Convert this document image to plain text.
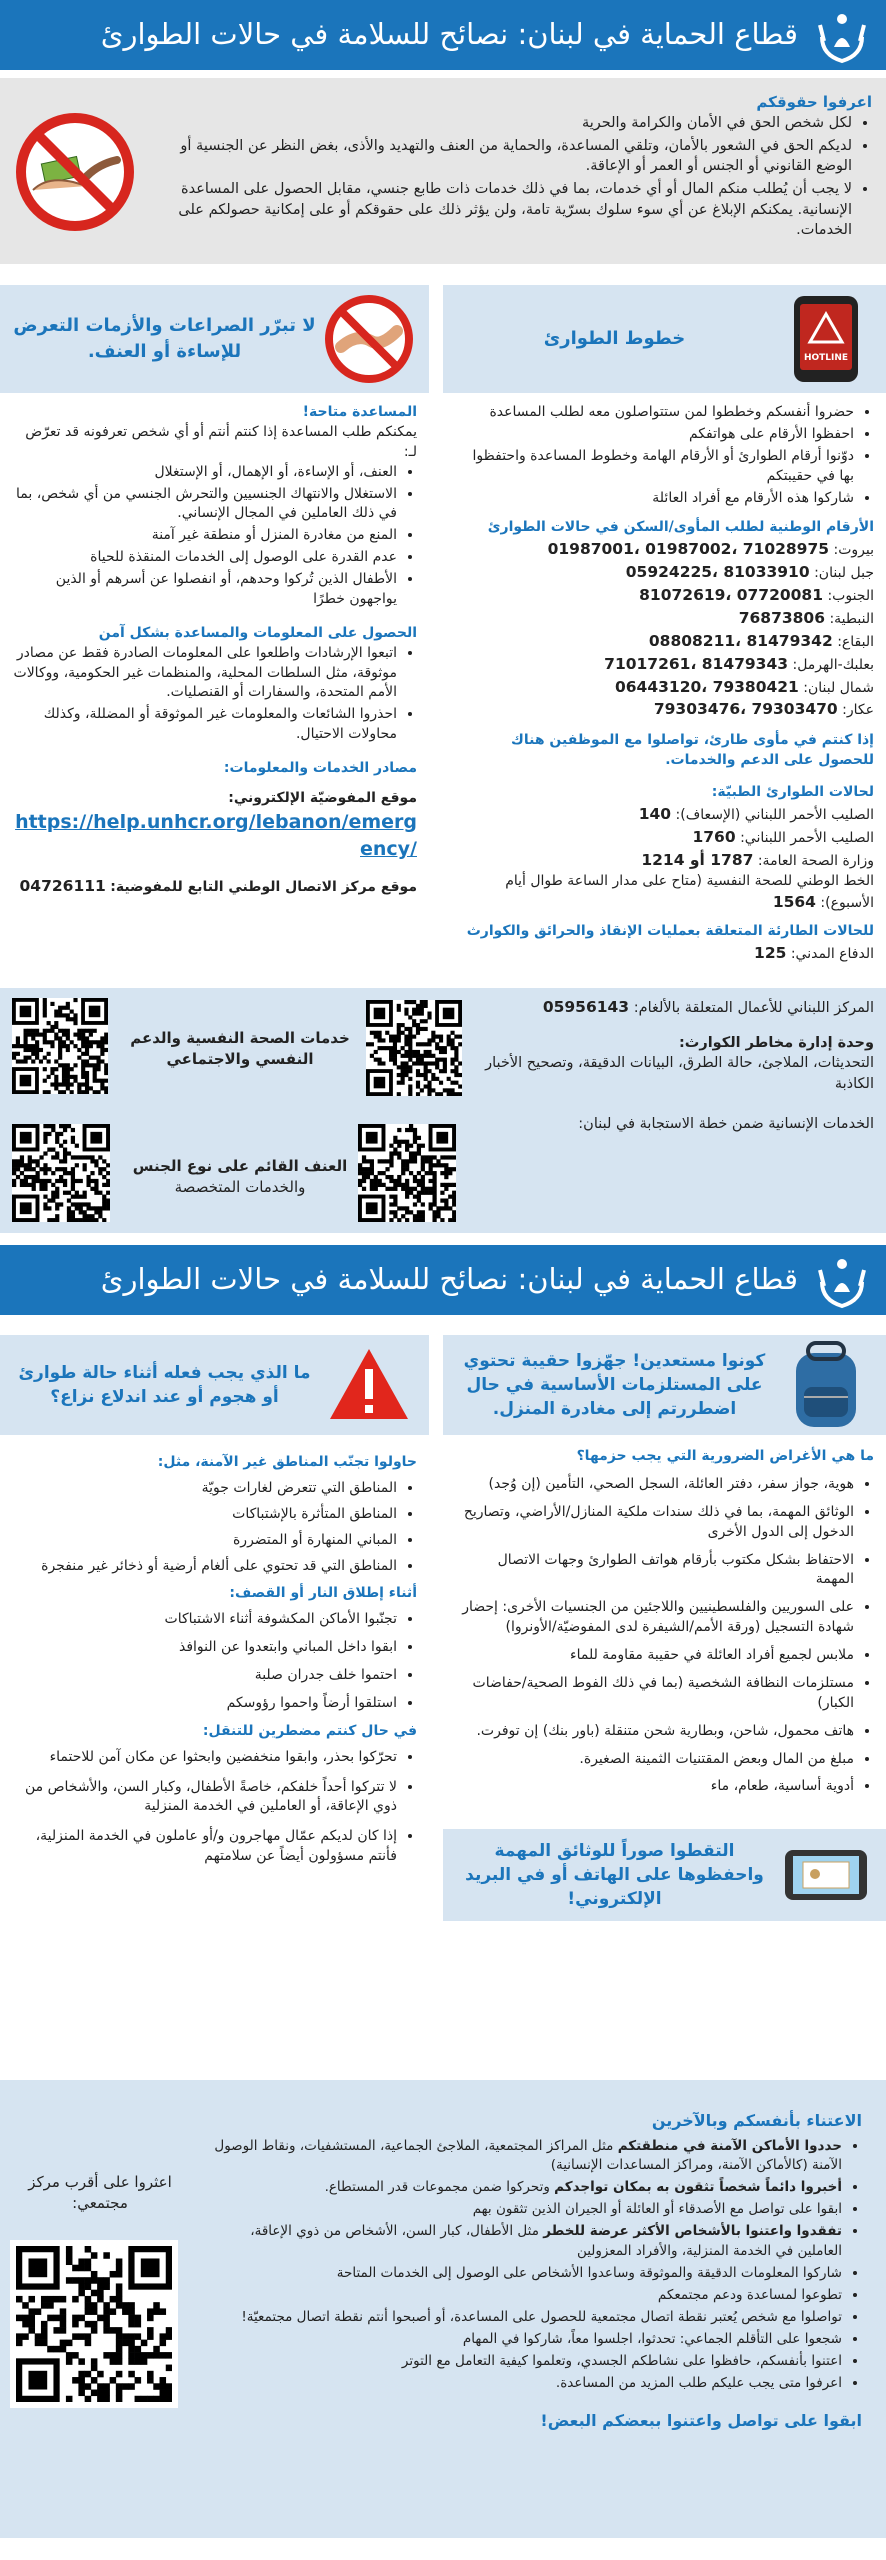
قطاع الحماية في لبنان: نصائح للسلامة في حالات الطوارئ
اعرفوا حقوقكم
• لكل شخص الحق في الأمان والكرامة والحرية
• لديكم الحق في الشعور بالأمان، وتلقي المساعدة، والحماية من العنف والتهديد والأذى، بغض النظر عن الجنسية أو الوضع القانوني أو الجنس أو العمر أو الإعاقة.
• لا يجب أن يُطلب منكم المال أو أي خدمات، بما في ذلك خدمات ذات طابع جنسي، مقابل الحصول على المساعدة الإنسانية. يمكنكم الإبلاغ عن أي سوء سلوك بسرّية تامة، ولن يؤثر ذلك على حقوقكم أو على إمكانية حصولكم على الخدمات.
HOTLINE
خطوط الطوارئ
• حضروا أنفسكم وخططوا لمن ستتواصلون معه لطلب المساعدة
• احفظوا الأرقام على هواتفكم
• دوّنوا أرقام الطوارئ أو الأرقام الهامة وخطوط المساعدة واحتفظوا بها في حقيبتكم
• شاركوا هذه الأرقام مع أفراد العائلة
الأرقام الوطنية لطلب المأوى/السكن في حالات الطوارئ
بيروت: 71028975 ،01987002 ،01987001
جبل لبنان: 81033910 ،05924225
الجنوب: 07720081 ،81072619
النبطية: 76873806
البقاع: 81479342 ،08808211
بعلبك-الهرمل: 81479343 ،71017261
شمال لبنان: 79380421 ،06443120
عكار: 79303470 ،79303476
إذا كنتم في مأوى طارئ، تواصلوا مع الموظفين هناك للحصول على الدعم والخدمات.
لحالات الطوارئ الطبيّة:
الصليب الأحمر اللبناني (الإسعاف): 140
الصليب الأحمر اللبناني: 1760
وزارة الصحة العامة: 1787 أو 1214
الخط الوطني للصحة النفسية (متاح على مدار الساعة طوال أيام الأسبوع): 1564
للحالات الطارئة المتعلقة بعمليات الإنقاذ والحرائق والكوارث
الدفاع المدني: 125
لا تبرّر الصراعات والأزمات التعرض للإساءة أو العنف.
المساعدة متاحة!

يمكنكم طلب المساعدة إذا كنتم أنتم أو أي شخص تعرفونه قد تعرّض لـ:

• العنف، أو الإساءة، أو الإهمال، أو الإستغلال
• الاستغلال والانتهاك الجنسيين والتحرش الجنسي من أي شخص، بما في ذلك العاملين في المجال الإنساني.
• المنع من مغادرة المنزل أو منطقة غير آمنة
• عدم القدرة على الوصول إلى الخدمات المنقذة للحياة
• الأطفال الذين تُركوا وحدهم، أو انفصلوا عن أسرهم أو الذين يواجهون خطرًا
الحصول على المعلومات والمساعدة بشكل آمن
• اتبعوا الإرشادات واطلعوا على المعلومات الصادرة فقط عن مصادر موثوقة، مثل السلطات المحلية، والمنظمات غير الحكومية، ووكالات الأمم المتحدة، والسفارات أو القنصليات.
• احذروا الشائعات والمعلومات غير الموثوقة أو المضللة، وكذلك محاولات الاحتيال.
مصادر الخدمات والمعلومات:
موقع المفوضيّة الإلكتروني:
https://help.unhcr.org/lebanon/emergency/
موقع مركز الاتصال الوطني التابع للمفوضية: 04726111
المركز اللبناني للأعمال المتعلقة بالألغام: 05956143
وحدة إدارة مخاطر الكوارث:
التحديثات، الملاجئ، حالة الطرق، البيانات الدقيقة، وتصحيح الأخبار الكاذبة
الخدمات الإنسانية ضمن خطة الاستجابة في لبنان:
خدمات الصحة النفسية والدعم النفسي والاجتماعي
العنف القائم على نوع الجنس
والخدمات المتخصصة
قطاع الحماية في لبنان: نصائح للسلامة في حالات الطوارئ
كونوا مستعدين! جهّزوا حقيبة تحتوي على المستلزمات الأساسية في حال اضطررتم إلى مغادرة المنزل.
ما هي الأغراض الضرورية التي يجب حزمها؟
• هوية، جواز سفر، دفتر العائلة، السجل الصحي، التأمين (إن وُجد)
• الوثائق المهمة، بما في ذلك سندات ملكية المنازل/الأراضي، وتصاريح الدخول إلى الدول الأخرى
• الاحتفاظ بشكل مكتوب بأرقام هواتف الطوارئ وجهات الاتصال المهمة
• على السوريين والفلسطينيين واللاجئين من الجنسيات الأخرى: إحضار شهادة التسجيل (ورقة الأمم/الشيفرة لدى المفوضيّة/الأونروا)
• ملابس لجميع أفراد العائلة في حقيبة مقاومة للماء
• مستلزمات النظافة الشخصية (بما في ذلك الفوط الصحية/حفاضات الكبار)
• هاتف محمول، شاحن، وبطارية شحن متنقلة (باور بنك) إن توفرت.
• مبلغ من المال وبعض المقتنيات الثمينة الصغيرة.
• أدوية أساسية، طعام، ماء
التقطوا صوراً للوثائق المهمة واحفظوها على الهاتف أو في البريد الإلكتروني!
ما الذي يجب فعله أثناء حالة طوارئ أو هجوم أو عند اندلاع نزاع؟
حاولوا تجنّب المناطق غير الآمنة، مثل:
• المناطق التي تتعرض لغارات جويّة
• المناطق المتأثرة بالإشتباكات
• المباني المنهارة أو المتضررة
• المناطق التي قد تحتوي على ألغام أرضية أو ذخائر غير منفجرة
أثناء إطلاق النار أو القصف:
• تجنّبوا الأماكن المكشوفة أثناء الاشتباكات
• ابقوا داخل المباني وابتعدوا عن النوافذ
• احتموا خلف جدران صلبة
• استلقوا أرضاً واحموا رؤوسكم
في حال كنتم مضطرين للتنقل:
• تحرّكوا بحذر، وابقوا منخفضين وابحثوا عن مكان آمن للاحتماء
• لا تتركوا أحداً خلفكم، خاصةً الأطفال، وكبار السن، والأشخاص من ذوي الإعاقة، أو العاملين في الخدمة المنزلية
• إذا كان لديكم عمّال مهاجرون و/أو عاملون في الخدمة المنزلية، فأنتم مسؤولون أيضاً عن سلامتهم
الاعتناء بأنفسكم وبالآخرين
• حددوا الأماكن الآمنة في منطقتكم مثل المراكز المجتمعية، الملاجئ الجماعية، المستشفيات، ونقاط الوصول الآمنة (كالأماكن الآمنة، ومراكز المساعدات الإنسانية)
• أخبروا دائماً شخصاً تثقون به بمكان تواجدكم وتحركوا ضمن مجموعات قدر المستطاع.
• ابقوا على تواصل مع الأصدقاء أو العائلة أو الجيران الذين تثقون بهم
• تفقدوا واعتنوا بالأشخاص الأكثر عرضة للخطر مثل الأطفال، كبار السن، الأشخاص من ذوي الإعاقة، العاملين في الخدمة المنزلية، والأفراد المعزولين
• شاركوا المعلومات الدقيقة والموثوقة وساعدوا الأشخاص على الوصول إلى الخدمات المتاحة
• تطوعوا لمساعدة ودعم مجتمعكم
• تواصلوا مع شخص يُعتبر نقطة اتصال مجتمعية للحصول على المساعدة، أو أصبحوا أنتم نقطة اتصال مجتمعيّة!
• شجعوا على التأقلم الجماعي: تحدثوا، اجلسوا معاً، شاركوا في المهام
• اعتنوا بأنفسكم، حافظوا على نشاطكم الجسدي، وتعلموا كيفية التعامل مع التوتر
• اعرفوا متى يجب عليكم طلب المزيد من المساعدة.
ابقوا على تواصل واعتنوا ببعضكم البعض!
اعثروا على أقرب مركز مجتمعي:
